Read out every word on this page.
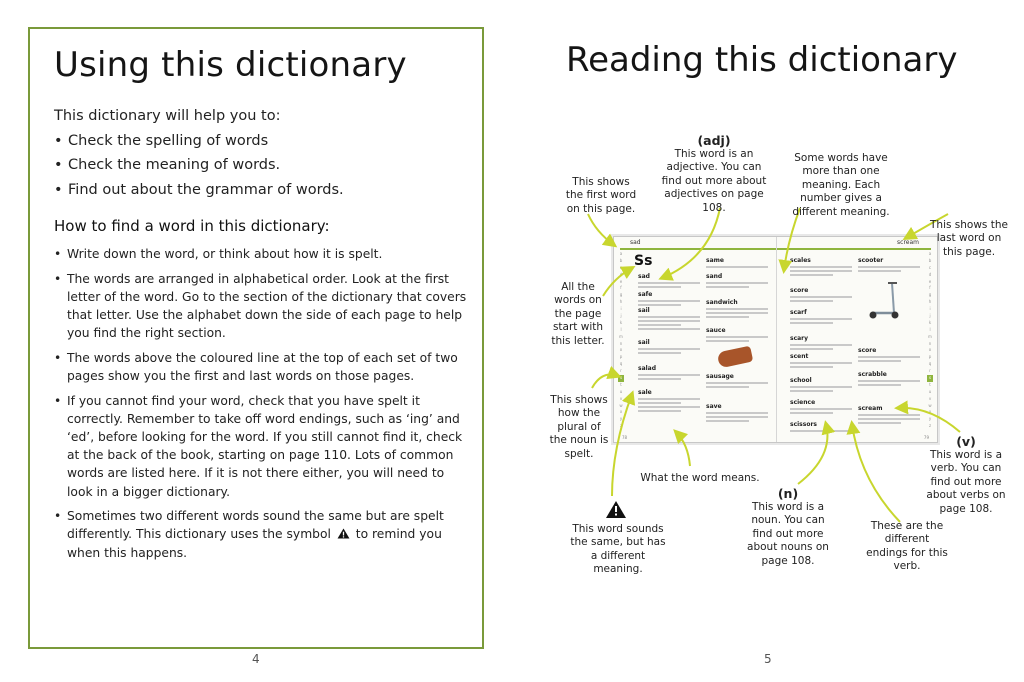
Using this dictionary
This dictionary will help you to:
• Check the spelling of words
• Check the meaning of words.
• Find out about the grammar of words.
How to find a word in this dictionary:
• Write down the word, or think about how it is spelt.
• The words are arranged in alphabetical order. Look at the first letter of the word. Go to the section of the dictionary that covers that letter. Use the alphabet down the side of each page to help you find the right section.
• The words above the coloured line at the top of each set of two pages show you the first and last words on those pages.
• If you cannot find your word, check that you have spelt it correctly. Remember to take off word endings, such as ‘ing’ and ‘ed’, before looking for the word. If you still cannot find it, check at the back of the book, starting on page 110. Lots of common words are listed here. If it is not there either, you will need to look in a bigger dictionary.
• Sometimes two different words sound the same but are spelt differently. This dictionary uses the symbol to remind you when this happens.
4
Reading this dictionary
sad	scream
Ss
a
b
c
d
e
f
g
h
i
j
k
l
m
n
o
p
q
r
s
t
u
v
w
x
y
z
a
b
c
d
e
f
g
h
i
j
k
l
m
n
o
p
q
r
s
t
u
v
w
x
y
z
sad
safe
sail
sail
salad
sale
same
sand
sandwich
sauce
sausage
save
scales
score
scarf
scary
scent
school
science
scissors
scooter
score
scrabble
scream
78	79
This shows the first word on this page.
(adj)
This word is an adjective. You can find out more about adjectives on page 108.
Some words have more than one meaning. Each number gives a different meaning.
This shows the last word on this page.
All the words on the page start with this letter.
This shows how the plural of the noun is spelt.
What the word means.
This word sounds the same, but has a different meaning.
(n)
This word is a noun. You can find out more about nouns on page 108.
These are the different endings for this verb.
(v)
This word is a verb. You can find out more about verbs on page 108.
5
